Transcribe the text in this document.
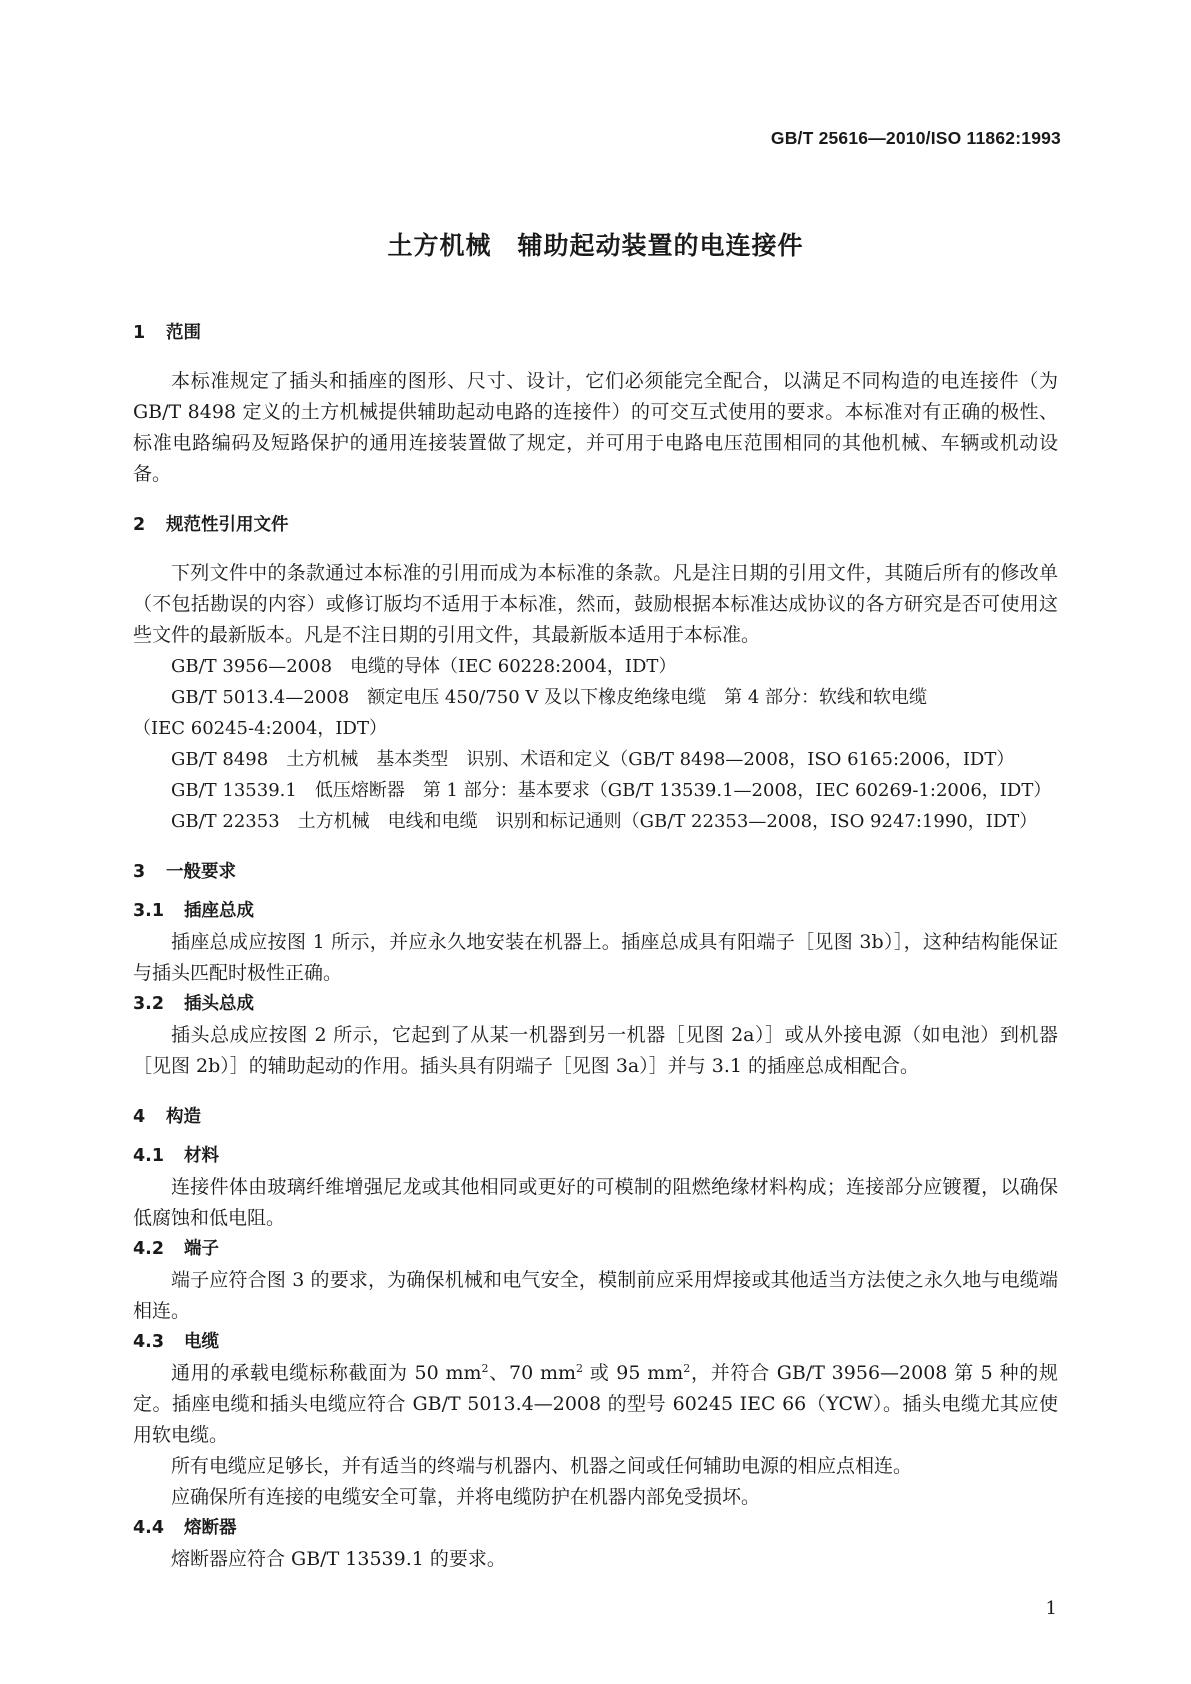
GB/T 25616—2010/ISO 11862:1993
土方机械　辅助起动装置的电连接件
1 范围

本标准规定了插头和插座的图形、尺寸、设计，它们必须能完全配合，以满足不同构造的电连接件（为 GB/T 8498 定义的土方机械提供辅助起动电路的连接件）的可交互式使用的要求。本标准对有正确的极性、标准电路编码及短路保护的通用连接装置做了规定，并可用于电路电压范围相同的其他机械、车辆或机动设备。

2 规范性引用文件

下列文件中的条款通过本标准的引用而成为本标准的条款。凡是注日期的引用文件，其随后所有的修改单（不包括勘误的内容）或修订版均不适用于本标准，然而，鼓励根据本标准达成协议的各方研究是否可使用这些文件的最新版本。凡是不注日期的引用文件，其最新版本适用于本标准。

GB/T 3956—2008　电缆的导体（IEC 60228:2004，IDT）
GB/T 5013.4—2008　额定电压 450/750 V 及以下橡皮绝缘电缆　第 4 部分：软线和软电缆
（IEC 60245-4:2004，IDT）
GB/T 8498　土方机械　基本类型　识别、术语和定义（GB/T 8498—2008，ISO 6165:2006，IDT）
GB/T 13539.1　低压熔断器　第 1 部分：基本要求（GB/T 13539.1—2008，IEC 60269-1:2006，IDT）
GB/T 22353　土方机械　电线和电缆　识别和标记通则（GB/T 22353—2008，ISO 9247:1990，IDT）
3 一般要求
3.1 插座总成

插座总成应按图 1 所示，并应永久地安装在机器上。插座总成具有阳端子［见图 3b）］，这种结构能保证与插头匹配时极性正确。

3.2 插头总成

插头总成应按图 2 所示，它起到了从某一机器到另一机器［见图 2a）］或从外接电源（如电池）到机器［见图 2b）］的辅助起动的作用。插头具有阴端子［见图 3a）］并与 3.1 的插座总成相配合。

4 构造
4.1 材料

连接件体由玻璃纤维增强尼龙或其他相同或更好的可模制的阻燃绝缘材料构成；连接部分应镀覆，以确保低腐蚀和低电阻。

4.2 端子

端子应符合图 3 的要求，为确保机械和电气安全，模制前应采用焊接或其他适当方法使之永久地与电缆端相连。

4.3 电缆

通用的承载电缆标称截面为 50 $mm^2$、70 $mm^2$ 或 95 $mm^2$，并符合 GB/T 3956—2008 第 5 种的规定。插座电缆和插头电缆应符合 GB/T 5013.4—2008 的型号 60245 IEC 66（YCW）。插头电缆尤其应使用软电缆。

所有电缆应足够长，并有适当的终端与机器内、机器之间或任何辅助电源的相应点相连。

应确保所有连接的电缆安全可靠，并将电缆防护在机器内部免受损坏。

4.4 熔断器

熔断器应符合 GB/T 13539.1 的要求。

1
